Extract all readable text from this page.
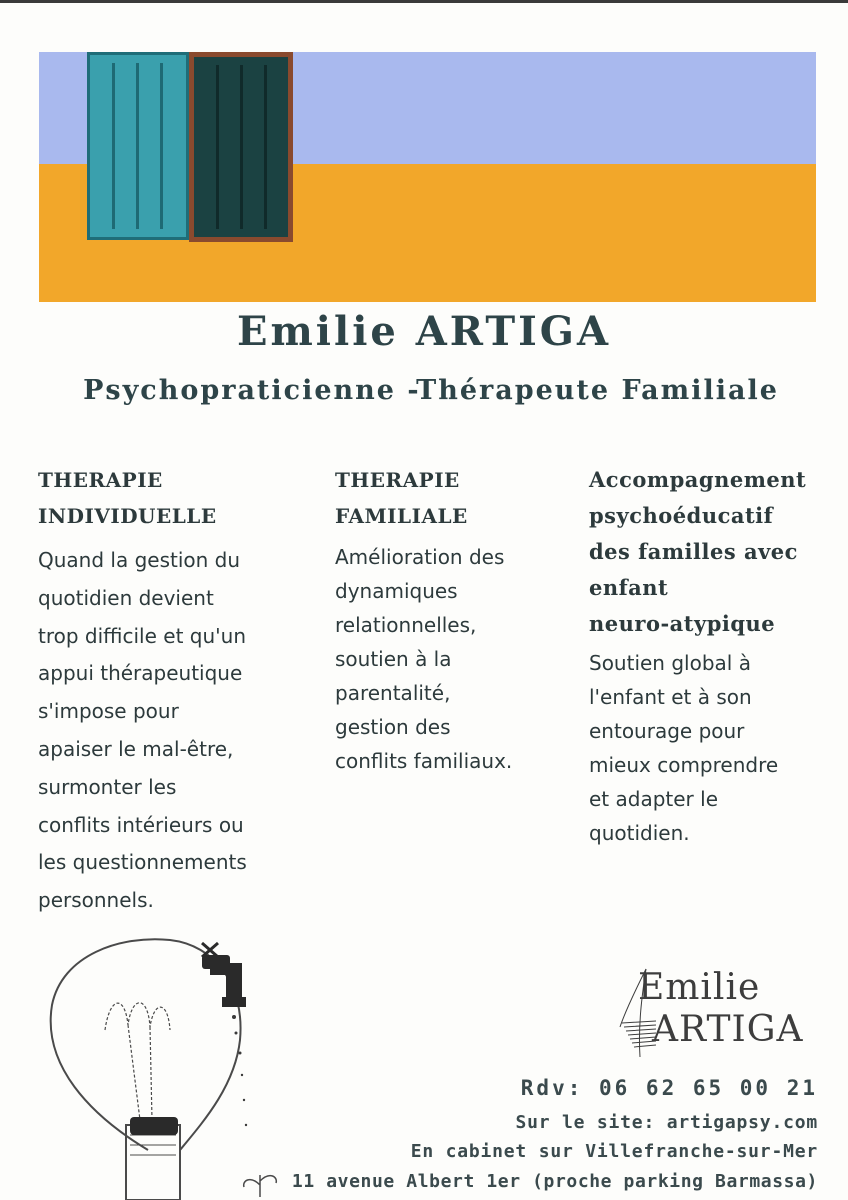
Emilie ARTIGA
Psychopraticienne -Thérapeute Familiale
THERAPIE
INDIVIDUELLE

Quand la gestion du
quotidien devient
trop difficile et qu'un
appui thérapeutique
s'impose pour
apaiser le mal-être,
surmonter les
conflits intérieurs ou
les questionnements
personnels.

THERAPIE
FAMILIALE

Amélioration des
dynamiques
relationnelles,
soutien à la
parentalité,
gestion des
conflits familiaux.

Accompagnement
psychoéducatif
des familles avec
enfant
neuro-atypique

Soutien global à
l'enfant et à son
entourage pour
mieux comprendre
et adapter le
quotidien.

Emilie
ARTIGA
Rdv: 06 62 65 00 21
Sur le site: artigapsy.com
En cabinet sur Villefranche-sur-Mer
11 avenue Albert 1er (proche parking Barmassa)
